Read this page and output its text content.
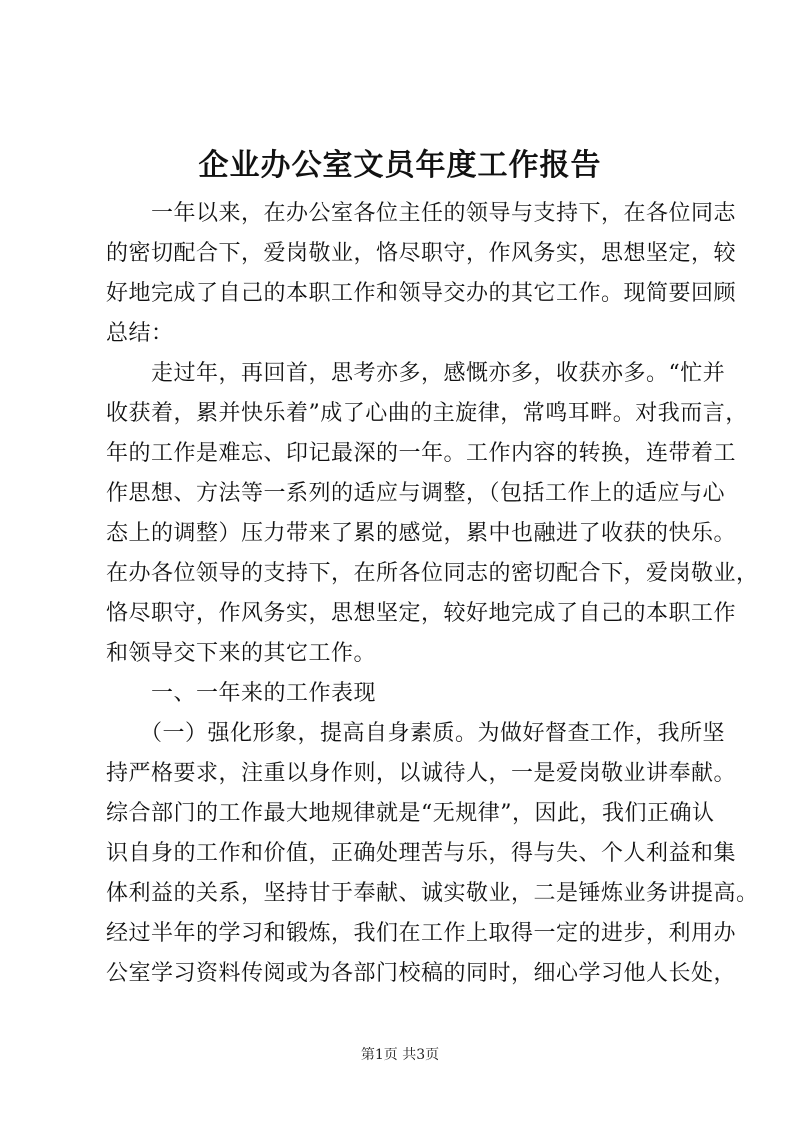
企业办公室文员年度工作报告
　　一年以来，在办公室各位主任的领导与支持下，在各位同志
的密切配合下，爱岗敬业，恪尽职守，作风务实，思想坚定，较
好地完成了自己的本职工作和领导交办的其它工作。现简要回顾
总结：
　　走过年，再回首，思考亦多，感慨亦多，收获亦多。“忙并
收获着，累并快乐着”成了心曲的主旋律，常鸣耳畔。对我而言，
年的工作是难忘、印记最深的一年。工作内容的转换，连带着工
作思想、方法等一系列的适应与调整，（包括工作上的适应与心
态上的调整）压力带来了累的感觉，累中也融进了收获的快乐。
在办各位领导的支持下，在所各位同志的密切配合下，爱岗敬业，
恪尽职守，作风务实，思想坚定，较好地完成了自己的本职工作
和领导交下来的其它工作。
　　一、一年来的工作表现
　　（一）强化形象，提高自身素质。为做好督查工作，我所坚
持严格要求，注重以身作则，以诚待人，一是爱岗敬业讲奉献。
综合部门的工作最大地规律就是“无规律”，因此，我们正确认
识自身的工作和价值，正确处理苦与乐，得与失、个人利益和集
体利益的关系，坚持甘于奉献、诚实敬业，二是锤炼业务讲提高。
经过半年的学习和锻炼，我们在工作上取得一定的进步，利用办
公室学习资料传阅或为各部门校稿的同时，细心学习他人长处，
第1页 共3页
